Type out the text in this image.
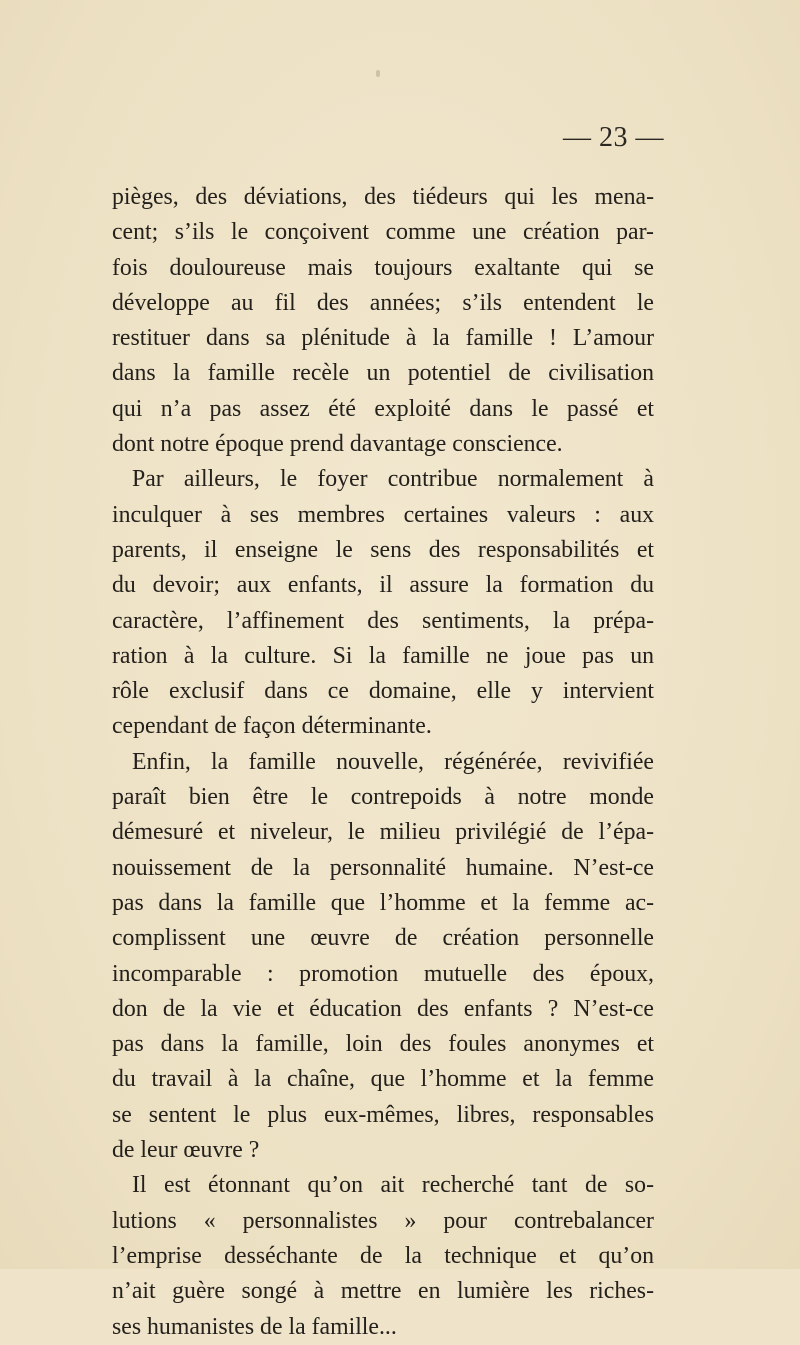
— 23 —
pièges, des déviations, des tiédeurs qui les mena-
cent; s’ils le conçoivent comme une création par-
fois douloureuse mais toujours exaltante qui se
développe au fil des années; s’ils entendent le
restituer dans sa plénitude à la famille ! L’amour
dans la famille recèle un potentiel de civilisation
qui n’a pas assez été exploité dans le passé et
dont notre époque prend davantage conscience.
Par ailleurs, le foyer contribue normalement à
inculquer à ses membres certaines valeurs : aux
parents, il enseigne le sens des responsabilités et
du devoir; aux enfants, il assure la formation du
caractère, l’affinement des sentiments, la prépa-
ration à la culture. Si la famille ne joue pas un
rôle exclusif dans ce domaine, elle y intervient
cependant de façon déterminante.
Enfin, la famille nouvelle, régénérée, revivifiée
paraît bien être le contrepoids à notre monde
démesuré et niveleur, le milieu privilégié de l’épa-
nouissement de la personnalité humaine. N’est-ce
pas dans la famille que l’homme et la femme ac-
complissent une œuvre de création personnelle
incomparable : promotion mutuelle des époux,
don de la vie et éducation des enfants ? N’est-ce
pas dans la famille, loin des foules anonymes et
du travail à la chaîne, que l’homme et la femme
se sentent le plus eux-mêmes, libres, responsables
de leur œuvre ?
Il est étonnant qu’on ait recherché tant de so-
lutions « personnalistes » pour contrebalancer
l’emprise desséchante de la technique et qu’on
n’ait guère songé à mettre en lumière les riches-
ses humanistes de la famille...
